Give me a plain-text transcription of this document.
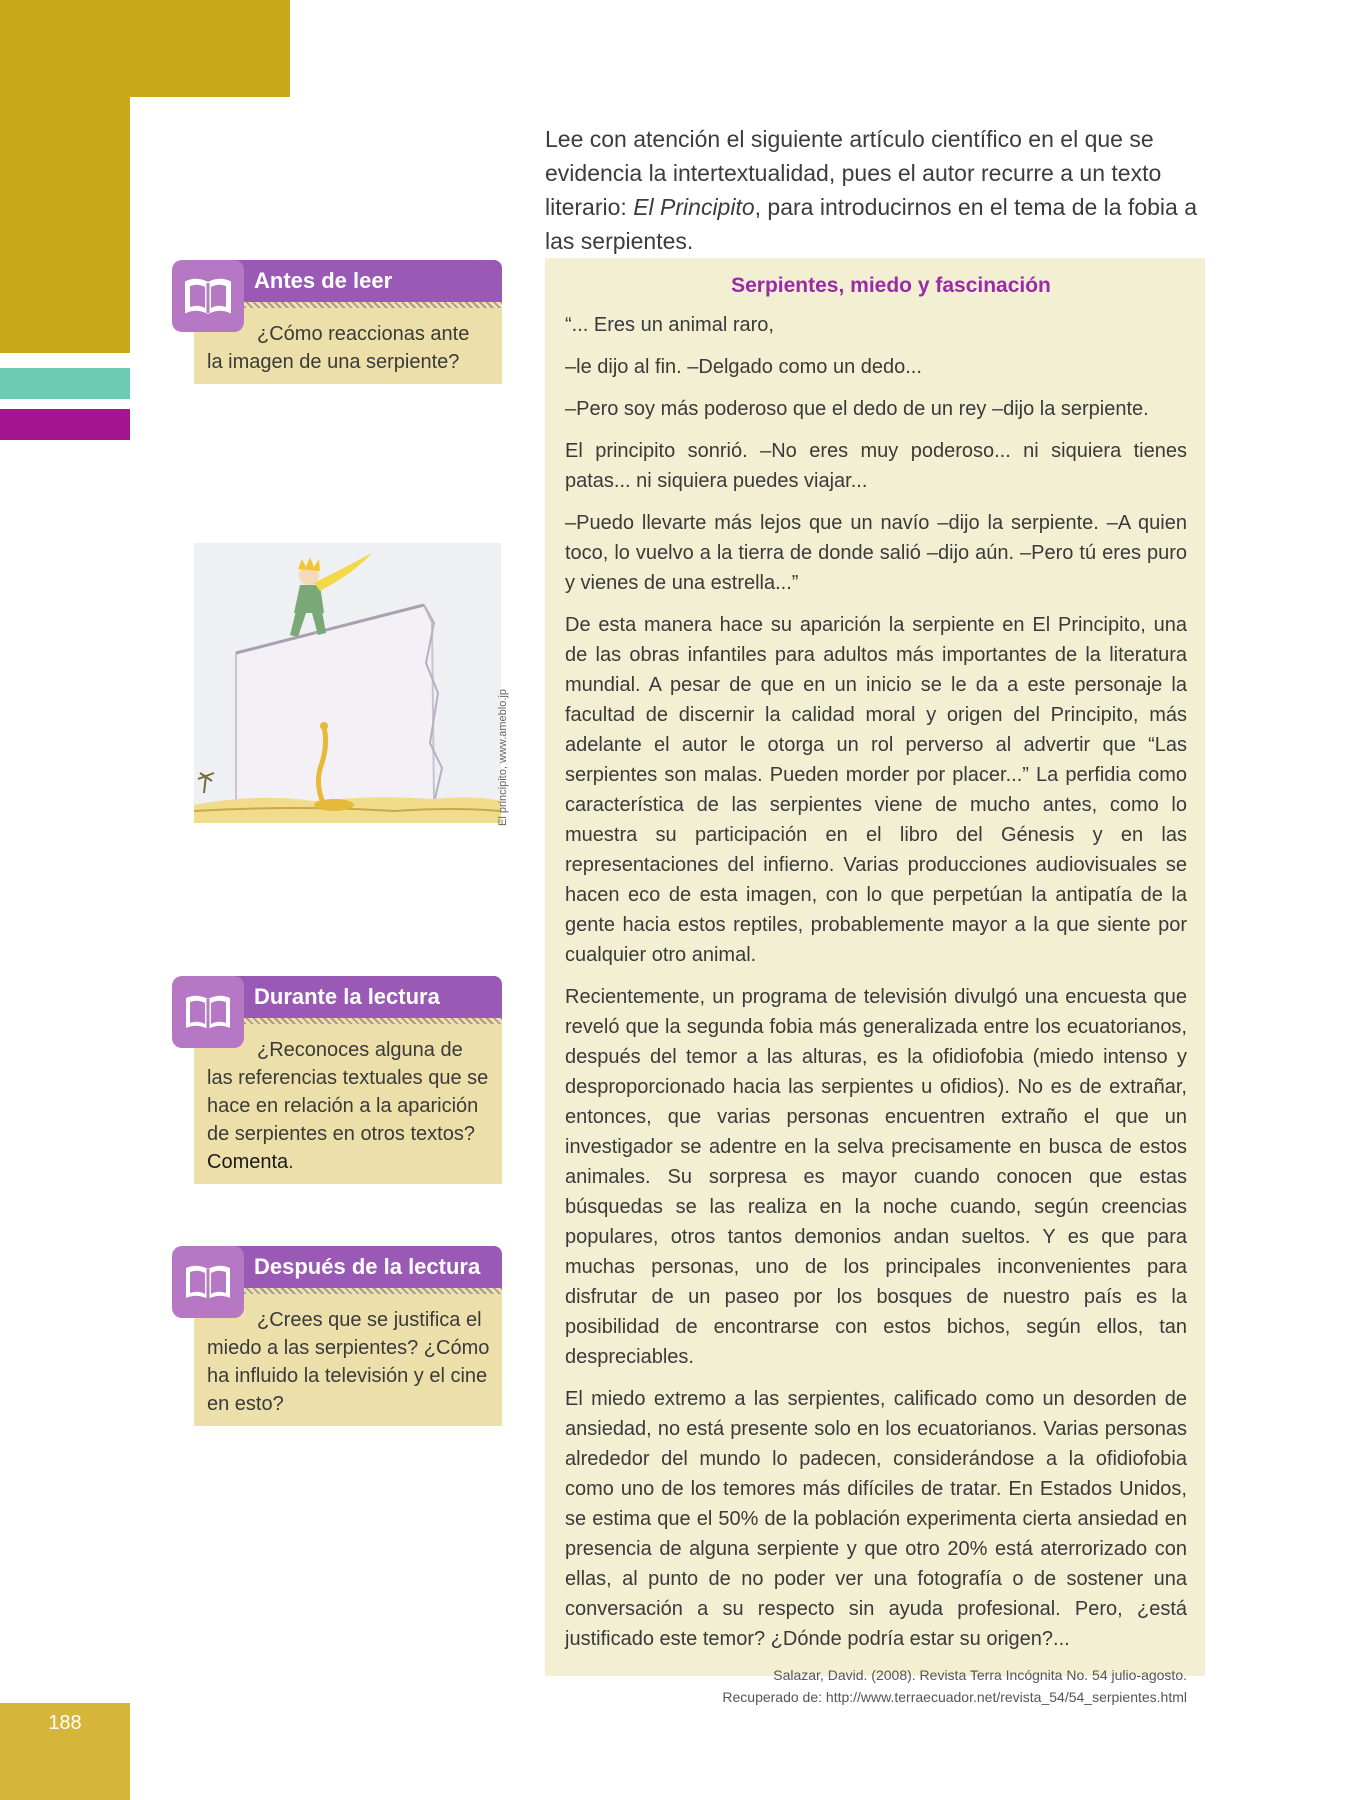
188
Lee con atención el siguiente artículo científico en el que se evidencia la intertextualidad, pues el autor recurre a un texto literario: El Principito, para introducirnos en el tema de la fobia a las serpientes.
Antes de leer
¿Cómo reaccionas ante la imagen de una serpiente?
El principito, www.ameblo.jp
Durante la lectura
¿Reconoces alguna de las referencias textuales que se hace en relación a la aparición de serpientes en otros textos? Comenta.
Después de la lectura
¿Crees que se justifica el miedo a las serpientes? ¿Cómo ha influido la televisión y el cine en esto?
Serpientes, miedo y fascinación

“... Eres un animal raro,

–le dijo al fin. –Delgado como un dedo...

–Pero soy más poderoso que el dedo de un rey –dijo la serpiente.

El principito sonrió. –No eres muy poderoso... ni siquiera tienes patas... ni siquiera puedes viajar...

–Puedo llevarte más lejos que un navío –dijo la serpiente. –A quien toco, lo vuelvo a la tierra de donde salió –dijo aún. –Pero tú eres puro y vienes de una estrella...”

De esta manera hace su aparición la serpiente en El Principito, una de las obras infantiles para adultos más importantes de la literatura mundial. A pesar de que en un inicio se le da a este personaje la facultad de discernir la calidad moral y origen del Principito, más adelante el autor le otorga un rol perverso al advertir que “Las serpientes son malas. Pueden morder por placer...” La perfidia como característica de las serpientes viene de mucho antes, como lo muestra su participación en el libro del Génesis y en las representaciones del infierno. Varias producciones audiovisuales se hacen eco de esta imagen, con lo que perpetúan la antipatía de la gente hacia estos reptiles, probablemente mayor a la que siente por cualquier otro animal.

Recientemente, un programa de televisión divulgó una encuesta que reveló que la segunda fobia más generalizada entre los ecuatorianos, después del temor a las alturas, es la ofidiofobia (miedo intenso y desproporcionado hacia las serpientes u ofidios). No es de extrañar, entonces, que varias personas encuentren extraño el que un investigador se adentre en la selva precisamente en busca de estos animales. Su sorpresa es mayor cuando conocen que estas búsquedas se las realiza en la noche cuando, según creencias populares, otros tantos demonios andan sueltos. Y es que para muchas personas, uno de los principales inconvenientes para disfrutar de un paseo por los bosques de nuestro país es la posibilidad de encontrarse con estos bichos, según ellos, tan despreciables.

El miedo extremo a las serpientes, calificado como un desorden de ansiedad, no está presente solo en los ecuatorianos. Varias personas alrededor del mundo lo padecen, considerándose a la ofidiofobia como uno de los temores más difíciles de tratar. En Estados Unidos, se estima que el 50% de la población experimenta cierta ansiedad en presencia de alguna serpiente y que otro 20% está aterrorizado con ellas, al punto de no poder ver una fotografía o de sostener una conversación a su respecto sin ayuda profesional. Pero, ¿está justificado este temor? ¿Dónde podría estar su origen?...

Salazar, David. (2008). Revista Terra Incógnita No. 54 julio-agosto.
Recuperado de: http://www.terraecuador.net/revista_54/54_serpientes.html
